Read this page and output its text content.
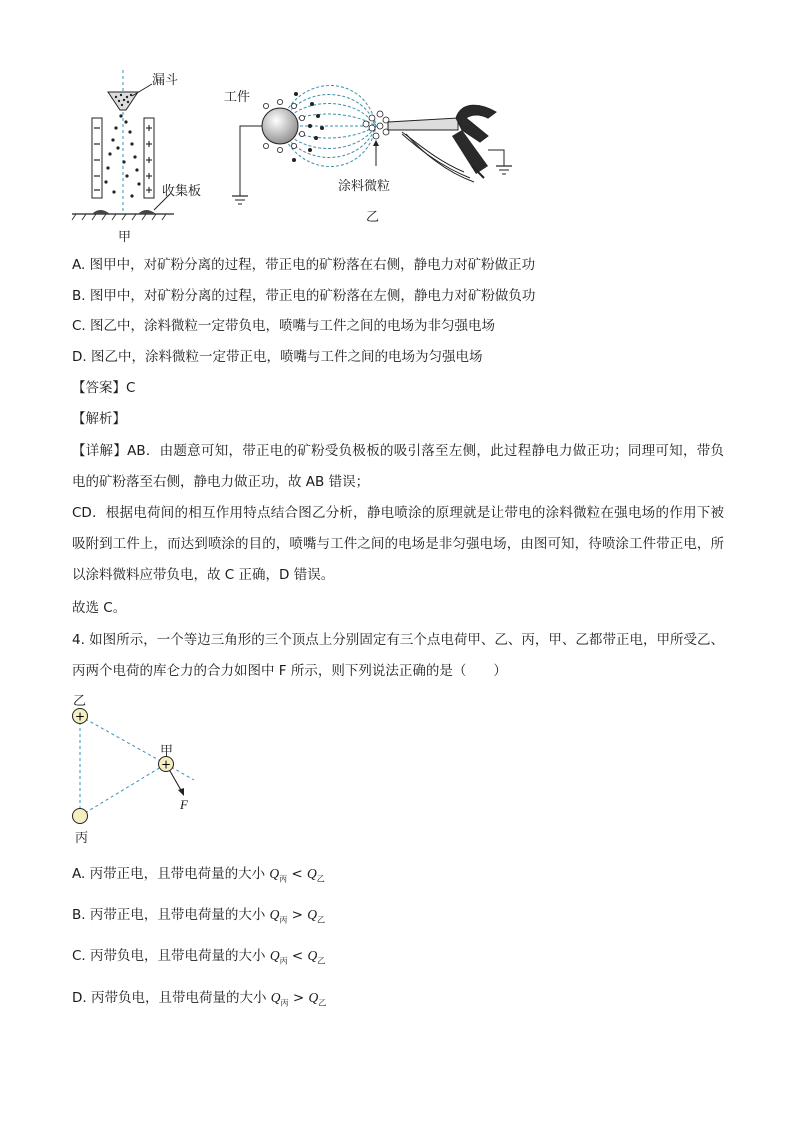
漏斗
收集板
甲
工件
涂料微粒
乙
A. 图甲中，对矿粉分离的过程，带正电的矿粉落在右侧，静电力对矿粉做正功
B. 图甲中，对矿粉分离的过程，带正电的矿粉落在左侧，静电力对矿粉做负功
C. 图乙中，涂料微粒一定带负电，喷嘴与工件之间的电场为非匀强电场
D. 图乙中，涂料微粒一定带正电，喷嘴与工件之间的电场为匀强电场
【答案】C
【解析】
【详解】AB．由题意可知，带正电的矿粉受负极板的吸引落至左侧，此过程静电力做正功；同理可知，带负电的矿粉落至右侧，静电力做正功，故 AB 错误；
CD．根据电荷间的相互作用特点结合图乙分析，静电喷涂的原理就是让带电的涂料微粒在强电场的作用下被吸附到工件上，而达到喷涂的目的，喷嘴与工件之间的电场是非匀强电场，由图可知，待喷涂工件带正电，所以涂料微料应带负电，故 C 正确，D 错误。
故选 C。
4. 如图所示，一个等边三角形的三个顶点上分别固定有三个点电荷甲、乙、丙，甲、乙都带正电，甲所受乙、丙两个电荷的库仑力的合力如图中 F 所示，则下列说法正确的是（　　）
+
+
乙
甲
丙
F
A. 丙带正电，且带电荷量的大小 $Q_丙 < Q_乙$
B. 丙带正电，且带电荷量的大小 $Q_丙 > Q_乙$
C. 丙带负电，且带电荷量的大小 $Q_丙 < Q_乙$
D. 丙带负电，且带电荷量的大小 $Q_丙 > Q_乙$
